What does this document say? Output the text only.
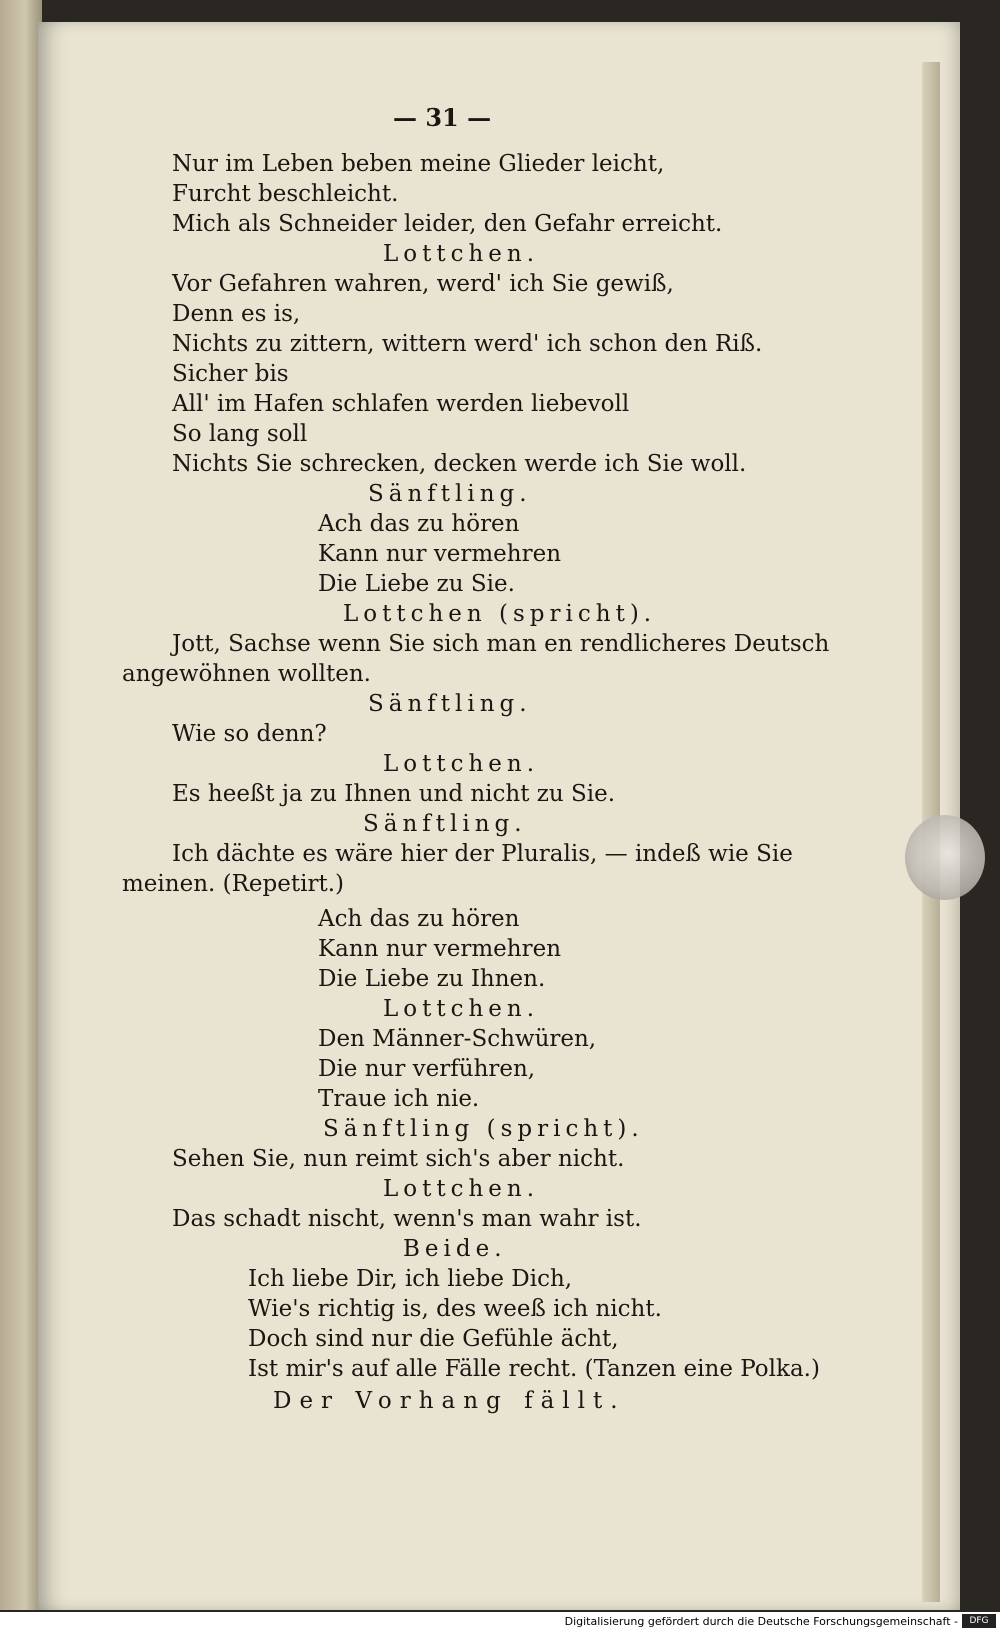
— 31 —
Nur im Leben beben meine Glieder leicht,
Furcht beschleicht.
Mich als Schneider leider, den Gefahr erreicht.
Lottchen.
Vor Gefahren wahren, werd' ich Sie gewiß,
Denn es is,
Nichts zu zittern, wittern werd' ich schon den Riß.
Sicher bis
All' im Hafen schlafen werden liebevoll
So lang soll
Nichts Sie schrecken, decken werde ich Sie woll.
Sänftling.
Ach das zu hören
Kann nur vermehren
Die Liebe zu Sie.
Lottchen (spricht).
Jott, Sachse wenn Sie sich man en rendlicheres Deutsch
angewöhnen wollten.
Sänftling.
Wie so denn?
Lottchen.
Es heeßt ja zu Ihnen und nicht zu Sie.
Sänftling.
Ich dächte es wäre hier der Pluralis, — indeß wie Sie
meinen. (Repetirt.)
Ach das zu hören
Kann nur vermehren
Die Liebe zu Ihnen.
Lottchen.
Den Männer-Schwüren,
Die nur verführen,
Traue ich nie.
Sänftling (spricht).
Sehen Sie, nun reimt sich's aber nicht.
Lottchen.
Das schadt nischt, wenn's man wahr ist.
Beide.
Ich liebe Dir, ich liebe Dich,
Wie's richtig is, des weeß ich nicht.
Doch sind nur die Gefühle ächt,
Ist mir's auf alle Fälle recht. (Tanzen eine Polka.)
Der Vorhang fällt.
Digitalisierung gefördert durch die Deutsche Forschungsgemeinschaft -	DFG
